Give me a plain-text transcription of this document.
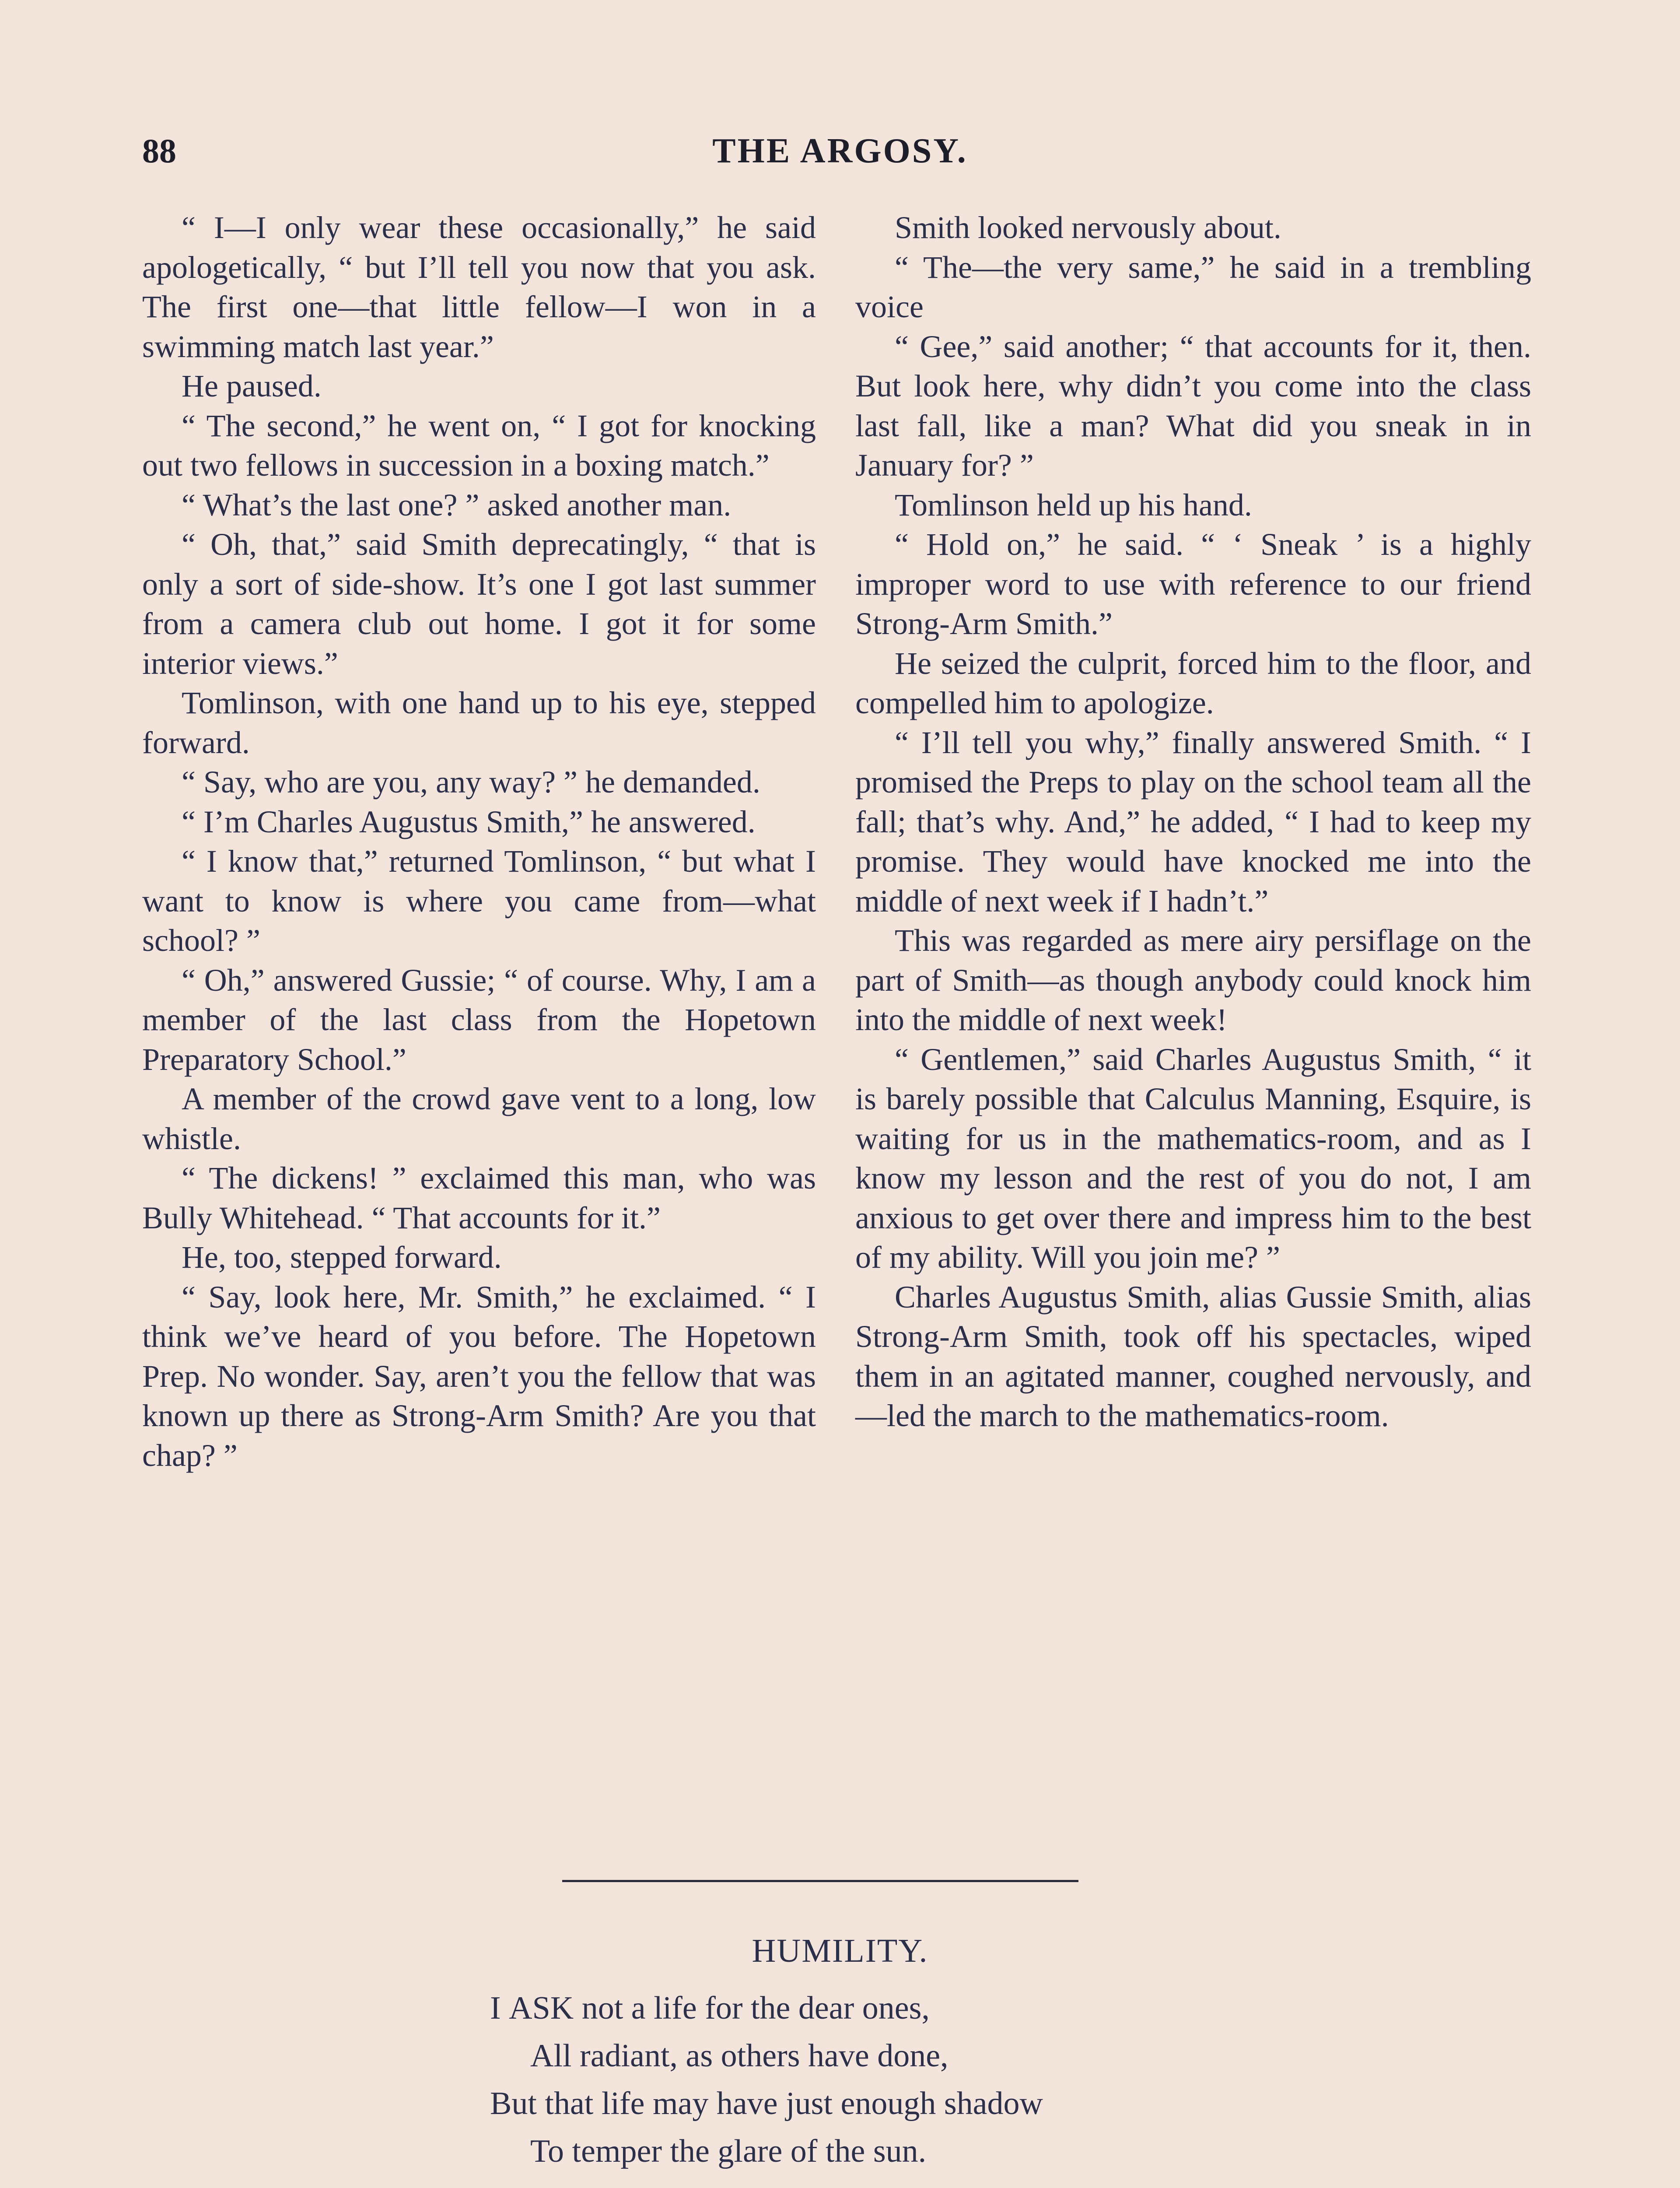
88	THE ARGOSY.

“ I—I only wear these occasionally,” he said apologetically, “ but I’ll tell you now that you ask. The first one—that little fellow—I won in a swimming match last year.”

He paused.

“ The second,” he went on, “ I got for knocking out two fellows in succession in a boxing match.”

“ What’s the last one? ” asked another man.

“ Oh, that,” said Smith deprecatingly, “ that is only a sort of side-show. It’s one I got last summer from a camera club out home. I got it for some interior views.”

Tomlinson, with one hand up to his eye, stepped forward.

“ Say, who are you, any way? ” he demanded.

“ I’m Charles Augustus Smith,” he answered.

“ I know that,” returned Tomlinson, “ but what I want to know is where you came from—what school? ”

“ Oh,” answered Gussie; “ of course. Why, I am a member of the last class from the Hopetown Preparatory School.”

A member of the crowd gave vent to a long, low whistle.

“ The dickens! ” exclaimed this man, who was Bully Whitehead. “ That accounts for it.”

He, too, stepped forward.

“ Say, look here, Mr. Smith,” he exclaimed. “ I think we’ve heard of you before. The Hopetown Prep. No wonder. Say, aren’t you the fellow that was known up there as Strong-Arm Smith? Are you that chap? ”

Smith looked nervously about.

“ The—the very same,” he said in a trembling voice

“ Gee,” said another; “ that accounts for it, then. But look here, why didn’t you come into the class last fall, like a man? What did you sneak in in January for? ”

Tomlinson held up his hand.

“ Hold on,” he said. “ ‘ Sneak ’ is a highly improper word to use with reference to our friend Strong-Arm Smith.”

He seized the culprit, forced him to the floor, and compelled him to apologize.

“ I’ll tell you why,” finally answered Smith. “ I promised the Preps to play on the school team all the fall; that’s why. And,” he added, “ I had to keep my promise. They would have knocked me into the middle of next week if I hadn’t.”

This was regarded as mere airy persiflage on the part of Smith—as though anybody could knock him into the middle of next week!

“ Gentlemen,” said Charles Augustus Smith, “ it is barely possible that Calculus Manning, Esquire, is waiting for us in the mathematics-room, and as I know my lesson and the rest of you do not, I am anxious to get over there and impress him to the best of my ability. Will you join me? ”

Charles Augustus Smith, alias Gussie Smith, alias Strong-Arm Smith, took off his spectacles, wiped them in an agitated manner, coughed nervously, and—led the march to the mathematics-room.

HUMILITY.
I ASK not a life for the dear ones,
All radiant, as others have done,
But that life may have just enough shadow
To temper the glare of the sun.
